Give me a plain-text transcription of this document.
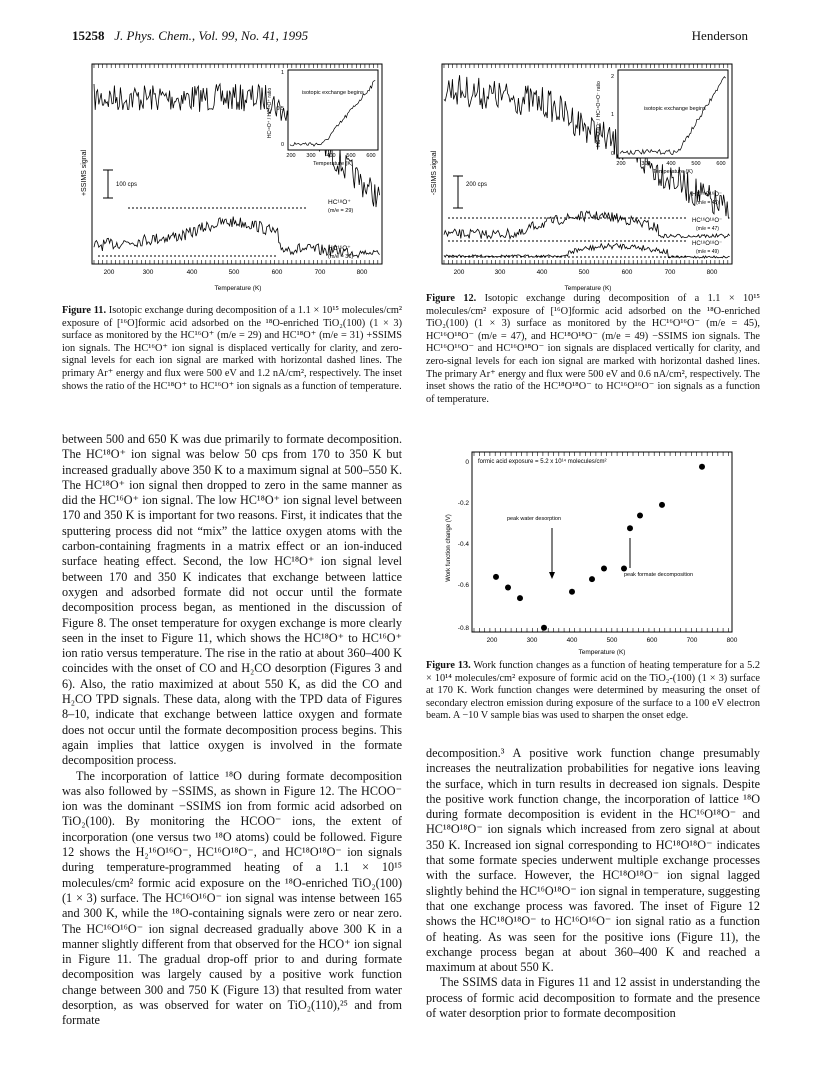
15258 J. Phys. Chem., Vol. 99, No. 41, 1995	Henderson
+SSIMS signal	100 cps
HC¹⁸O⁺
(m/e = 29)
HC¹⁶O⁺
(m/e = 31)
200	300	400	500	600	700	800
Temperature (K)
HC¹⁸O⁺ / HC¹⁶O⁺ ratio
0
0.5
1
200 300 400 500 600
Temperature (K)
isotopic exchange begins
Figure 11. Isotopic exchange during decomposition of a 1.1 × 10¹⁵ molecules/cm² exposure of [¹⁶O]formic acid adsorbed on the ¹⁸O-enriched TiO₂(100) (1 × 3) surface as monitored by the HC¹⁶O⁺ (m/e = 29) and HC¹⁸O⁺ (m/e = 31) +SSIMS ion signals. The HC¹⁶O⁺ ion signal is displaced vertically for clarity, and zero-signal levels for each ion signal are marked with horizontal dashed lines. The primary Ar⁺ energy and flux were 500 eV and 1.2 nA/cm², respectively. The inset shows the ratio of the HC¹⁸O⁺ to HC¹⁶O⁺ ion signals as a function of temperature.
-SSIMS signal	200 cps
HC¹⁶O¹⁶O⁻
(m/e = 45)
HC¹⁶O¹⁸O⁻
(m/e = 47)
HC¹⁸O¹⁸O⁻
(m/e = 49)
200	300	400	500	600	700	800
Temperature (K)
HC¹⁸O¹⁸O⁻ / HC¹⁶O¹⁶O⁻ ratio
0
1
2
200	300	400	500	600
Temperature (K)
isotopic exchange begins
Figure 12. Isotopic exchange during decomposition of a 1.1 × 10¹⁵ molecules/cm² exposure of [¹⁶O]formic acid adsorbed on the ¹⁸O-enriched TiO₂(100) (1 × 3) surface as monitored by the HC¹⁶O¹⁶O⁻ (m/e = 45), HC¹⁶O¹⁸O⁻ (m/e = 47), and HC¹⁸O¹⁸O⁻ (m/e = 49) −SSIMS ion signals. The HC¹⁶O¹⁶O⁻ and HC¹⁶O¹⁸O⁻ ion signals are displaced vertically for clarity, and zero-signal levels for each ion signal are marked with horizontal dashed lines. The primary Ar⁺ energy and flux were 500 eV and 0.6 nA/cm², respectively. The inset shows the ratio of the HC¹⁸O¹⁸O⁻ to HC¹⁶O¹⁶O⁻ ion signals as a function of temperature.
Work function change (V)
0
-0.2
-0.4
-0.6
-0.8
200	300	400	500	600	700	800
Temperature (K)
formic acid exposure = 5.2 x 10¹⁴ molecules/cm²
peak water desorption
peak formate decomposition
Figure 13. Work function changes as a function of heating temperature for a 5.2 × 10¹⁴ molecules/cm² exposure of formic acid on the TiO₂-(100) (1 × 3) surface at 170 K. Work function changes were determined by measuring the onset of secondary electron emission during exposure of the surface to a 100 eV electron beam. A −10 V sample bias was used to sharpen the onset edge.

between 500 and 650 K was due primarily to formate decomposition. The HC¹⁸O⁺ ion signal was below 50 cps from 170 to 350 K but increased gradually above 350 K to a maximum signal at 500–550 K. The HC¹⁸O⁺ ion signal then dropped to zero in the same manner as did the HC¹⁶O⁺ ion signal. The low HC¹⁸O⁺ ion signal level between 170 and 350 K is important for two reasons. First, it indicates that the sputtering process did not “mix” the lattice oxygen atoms with the carbon-containing fragments in a matrix effect or an ion-induced surface heating effect. Second, the low HC¹⁸O⁺ ion signal level between 170 and 350 K indicates that exchange between lattice oxygen and adsorbed formate did not occur until the formate decomposition process began, as mentioned in the discussion of Figure 8. The onset temperature for oxygen exchange is more clearly seen in the inset to Figure 11, which shows the HC¹⁸O⁺ to HC¹⁶O⁺ ion ratio versus temperature. The rise in the ratio at about 360–400 K coincides with the onset of CO and H₂CO desorption (Figures 3 and 6). Also, the ratio maximized at about 550 K, as did the CO and H₂CO TPD signals. These data, along with the TPD data of Figures 8–10, indicate that exchange between lattice oxygen and formate does not occur until the formate decomposition process begins. This again implies that lattice oxygen is involved in the formate decomposition process.

The incorporation of lattice ¹⁸O during formate decomposition was also followed by −SSIMS, as shown in Figure 12. The HCOO⁻ ion was the dominant −SSIMS ion from formic acid adsorbed on TiO₂(100). By monitoring the HCOO⁻ ions, the extent of incorporation (one versus two ¹⁸O atoms) could be followed. Figure 12 shows the H₂¹⁶O¹⁶O⁻, HC¹⁶O¹⁸O⁻, and HC¹⁸O¹⁸O⁻ ion signals during temperature-programmed heating of a 1.1 × 10¹⁵ molecules/cm² formic acid exposure on the ¹⁸O-enriched TiO₂(100) (1 × 3) surface. The HC¹⁶O¹⁶O⁻ ion signal was intense between 165 and 300 K, while the ¹⁸O-containing signals were zero or near zero. The HC¹⁶O¹⁶O⁻ ion signal decreased gradually above 300 K in a manner slightly different from that observed for the HCO⁺ ion signal in Figure 11. The gradual drop-off prior to and during formate decomposition was largely caused by a positive work function change between 300 and 750 K (Figure 13) that resulted from water desorption, as was observed for water on TiO₂(110),²⁵ and from formate

decomposition.³ A positive work function change presumably increases the neutralization probabilities for negative ions leaving the surface, which in turn results in decreased ion signals. Despite the positive work function change, the incorporation of lattice ¹⁸O during formate decomposition is evident in the HC¹⁶O¹⁸O⁻ and HC¹⁸O¹⁸O⁻ ion signals which increased from zero signal at about 350 K. Increased ion signal corresponding to HC¹⁸O¹⁸O⁻ indicates that some formate species underwent multiple exchange processes with the surface. However, the HC¹⁸O¹⁸O⁻ ion signal lagged slightly behind the HC¹⁶O¹⁸O⁻ ion signal in temperature, suggesting that one exchange process was favored. The inset of Figure 12 shows the HC¹⁸O¹⁸O⁻ to HC¹⁶O¹⁶O⁻ ion signal ratio as a function of heating. As was seen for the positive ions (Figure 11), the exchange process began at about 360–400 K and reached a maximum at about 550 K.

The SSIMS data in Figures 11 and 12 assist in understanding the process of formic acid decomposition to formate and the presence of water desorption prior to formate decomposition
